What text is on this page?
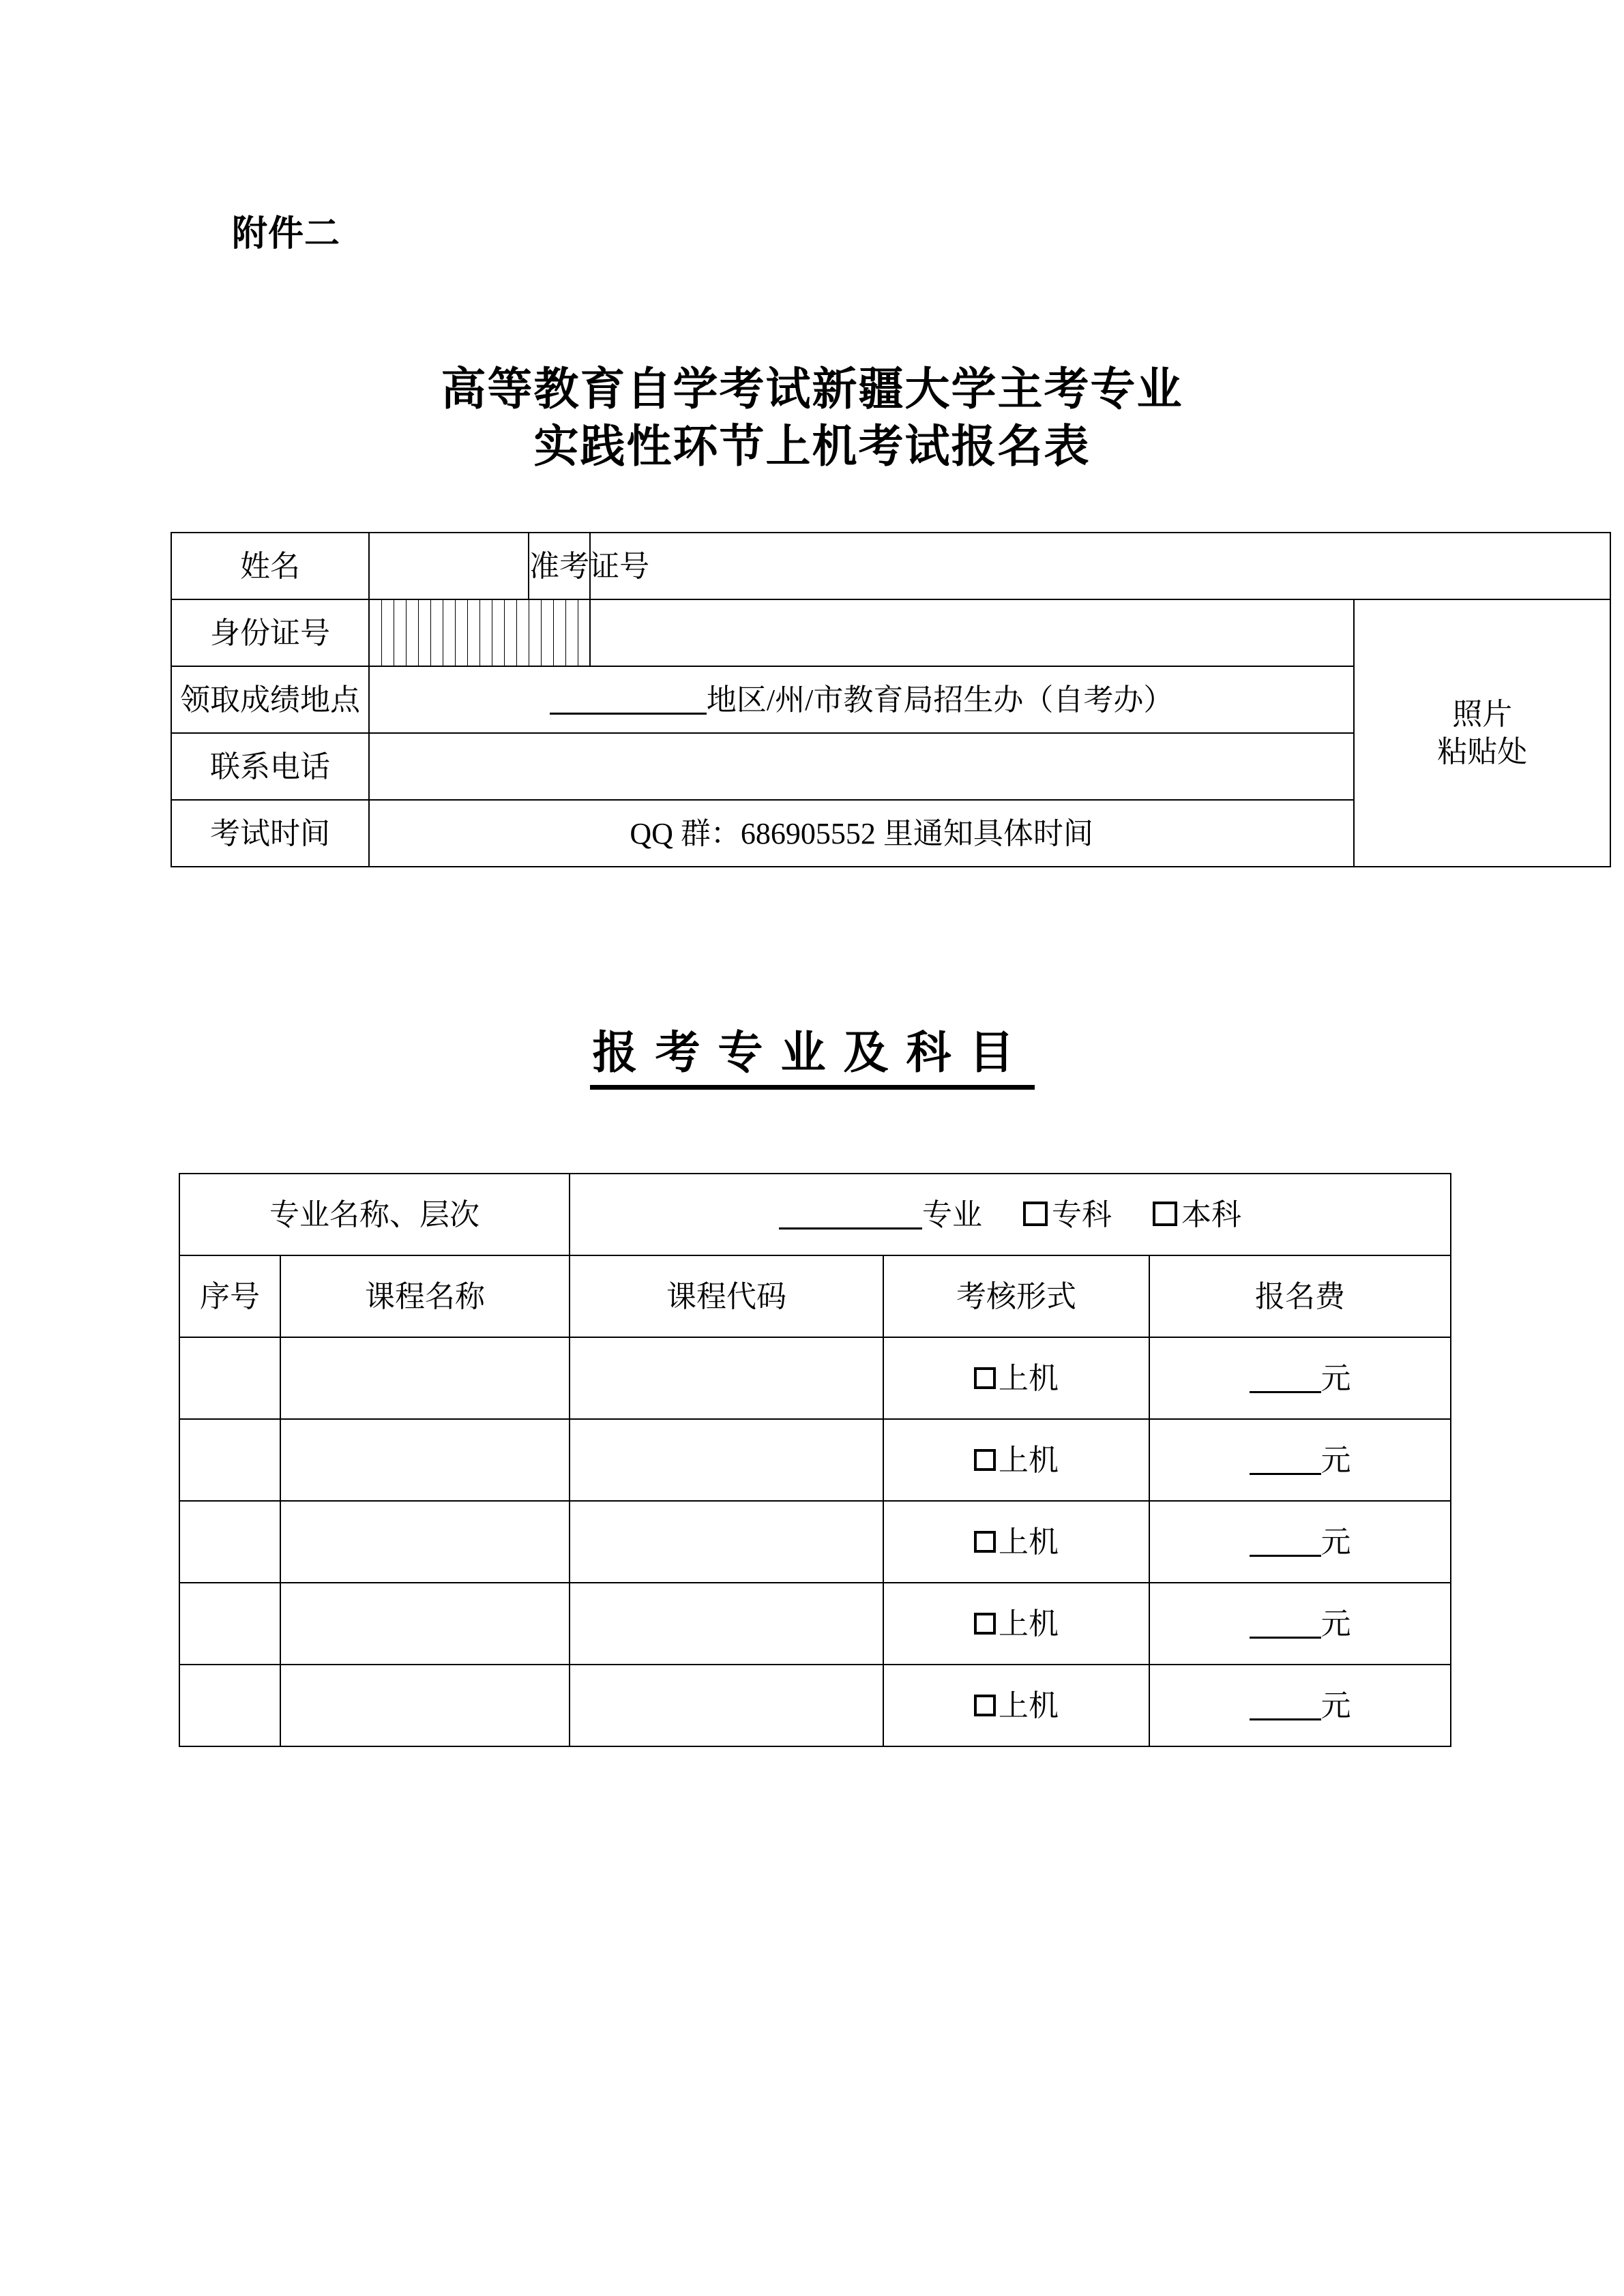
附件二
高等教育自学考试新疆大学主考专业
实践性环节上机考试报名表
姓名														准考证号						
身份证号																				照片
粘贴处

领取成绩地点	地区/州/市教育局招生办（自考办）																			
联系电话																				
考试时间	QQ 群：686905552 里通知具体时间																		
报考专业及科目
专业名称、层次		专业 专科 本科		
序号	课程名称	课程代码	考核形式	报名费
			上机	元
			上机	元
			上机	元
			上机	元
			上机	元
